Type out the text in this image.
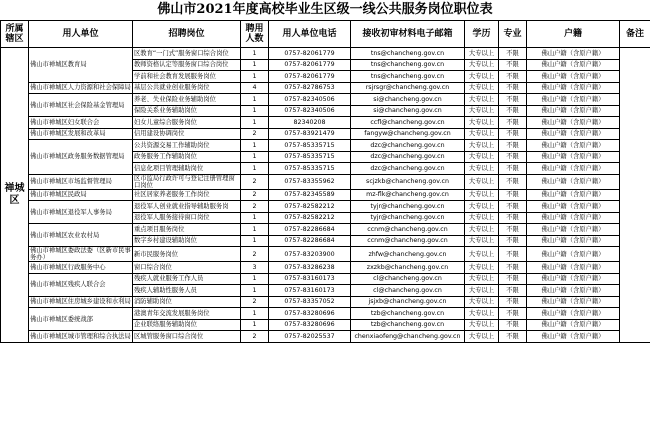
佛山市2021年度高校毕业生区级一线公共服务岗位职位表
所属辖区	用人单位	招聘岗位	聘用人数	用人单位电话	接收初审材料电子邮箱	学历	专业	户籍	备注
禅城区	佛山市禅城区教育局	区教育“一门式”服务窗口综合岗位	1	0757-82061779	tns@chancheng.gov.cn	大专以上	不限	佛山户籍（含原户籍）	
		教师资格认定等服务窗口综合岗位	1	0757-82061779	tns@chancheng.gov.cn	大专以上	不限	佛山户籍（含原户籍）	
		学前和社会教育发展服务岗位	1	0757-82061779	tns@chancheng.gov.cn	大专以上	不限	佛山户籍（含原户籍）	
	佛山市禅城区人力资源和社会保障局	基层公共就业创业服务岗位	4	0757-82786753	rsjrsgr@chancheng.gov.cn	大专以上	不限	佛山户籍（含原户籍）	
	佛山市禅城区社会保险基金管理局	养老、失业保险业务辅助岗位	1	0757-82340506	si@chancheng.gov.cn	大专以上	不限	佛山户籍（含原户籍）	
		保险关系业务辅助岗位	1	0757-82340506	si@chancheng.gov.cn	大专以上	不限	佛山户籍（含原户籍）	
	佛山市禅城区妇女联合会	妇女儿童综合服务岗位	1	82340208	ccfl@chancheng.gov.cn	大专以上	不限	佛山户籍（含原户籍）	
	佛山市禅城区发展和改革局	信用建设协调岗位	2	0757-83921479	fangyw@chancheng.gov.cn	大专以上	不限	佛山户籍（含原户籍）	
	佛山市禅城区政务服务数据管理局	公共资源交易工作辅助岗位	1	0757-85335715	dzc@chancheng.gov.cn	大专以上	不限	佛山户籍（含原户籍）	
		政务服务工作辅助岗位	1	0757-85335715	dzc@chancheng.gov.cn	大专以上	不限	佛山户籍（含原户籍）	
		信息化项目管理辅助岗位	1	0757-85335715	dzc@chancheng.gov.cn	大专以上	不限	佛山户籍（含原户籍）	
	佛山市禅城区市场监督管理局	区市监局行政许可与登记注册管理窗口岗位	2	0757-83355962	scjzkb@chancheng.gov.cn	大专以上	不限	佛山户籍（含原户籍）	
	佛山市禅城区民政局	社区居家养老服务工作岗位	2	0757-82345589	mz-flk@chancheng.gov.cn	大专以上	不限	佛山户籍（含原户籍）	
	佛山市禅城区退役军人事务局	退役军人创业就业指导辅助服务岗	2	0757-82582212	tyjr@chancheng.gov.cn	大专以上	不限	佛山户籍（含原户籍）	
		退役军人服务接待窗口岗位	1	0757-82582212	tyjr@chancheng.gov.cn	大专以上	不限	佛山户籍（含原户籍）	
	佛山市禅城区农业农村局	重点项目服务岗位	1	0757-82286684	ccnm@chancheng.gov.cn	大专以上	不限	佛山户籍（含原户籍）	
		数字乡村建设辅助岗位	1	0757-82286684	ccnm@chancheng.gov.cn	大专以上	不限	佛山户籍（含原户籍）	
	佛山市禅城区委政法委（区新市民事务办）	新市民服务岗位	2	0757-83203900	zhfw@chancheng.gov.cn	大专以上	不限	佛山户籍（含原户籍）	
	佛山市禅城区行政服务中心	窗口综合岗位	3	0757-83286238	zxzkb@chancheng.gov.cn	大专以上	不限	佛山户籍（含原户籍）	
	佛山市禅城区残疾人联合会	残疾人就业服务工作人员	1	0757-83160173	cl@chancheng.gov.cn	大专以上	不限	佛山户籍（含原户籍）	
		残疾人辅助性服务人员	1	0757-83160173	cl@chancheng.gov.cn	大专以上	不限	佛山户籍（含原户籍）	
	佛山市禅城区住房城乡建设和水利局	消防辅助岗位	2	0757-83357052	jsjxb@chancheng.gov.cn	大专以上	不限	佛山户籍（含原户籍）	
	佛山市禅城区委统战部	港澳青年交流发展服务岗位	1	0757-83280696	tzb@chancheng.gov.cn	大专以上	不限	佛山户籍（含原户籍）	
		企业联络服务辅助岗位	1	0757-83280696	tzb@chancheng.gov.cn	大专以上	不限	佛山户籍（含原户籍）	
	佛山市禅城区城市管理和综合执法局	区城管服务窗口综合岗位	2	0757-82025537	chenxiaofeng@chancheng.gov.cn	大专以上	不限	佛山户籍（含原户籍）	
